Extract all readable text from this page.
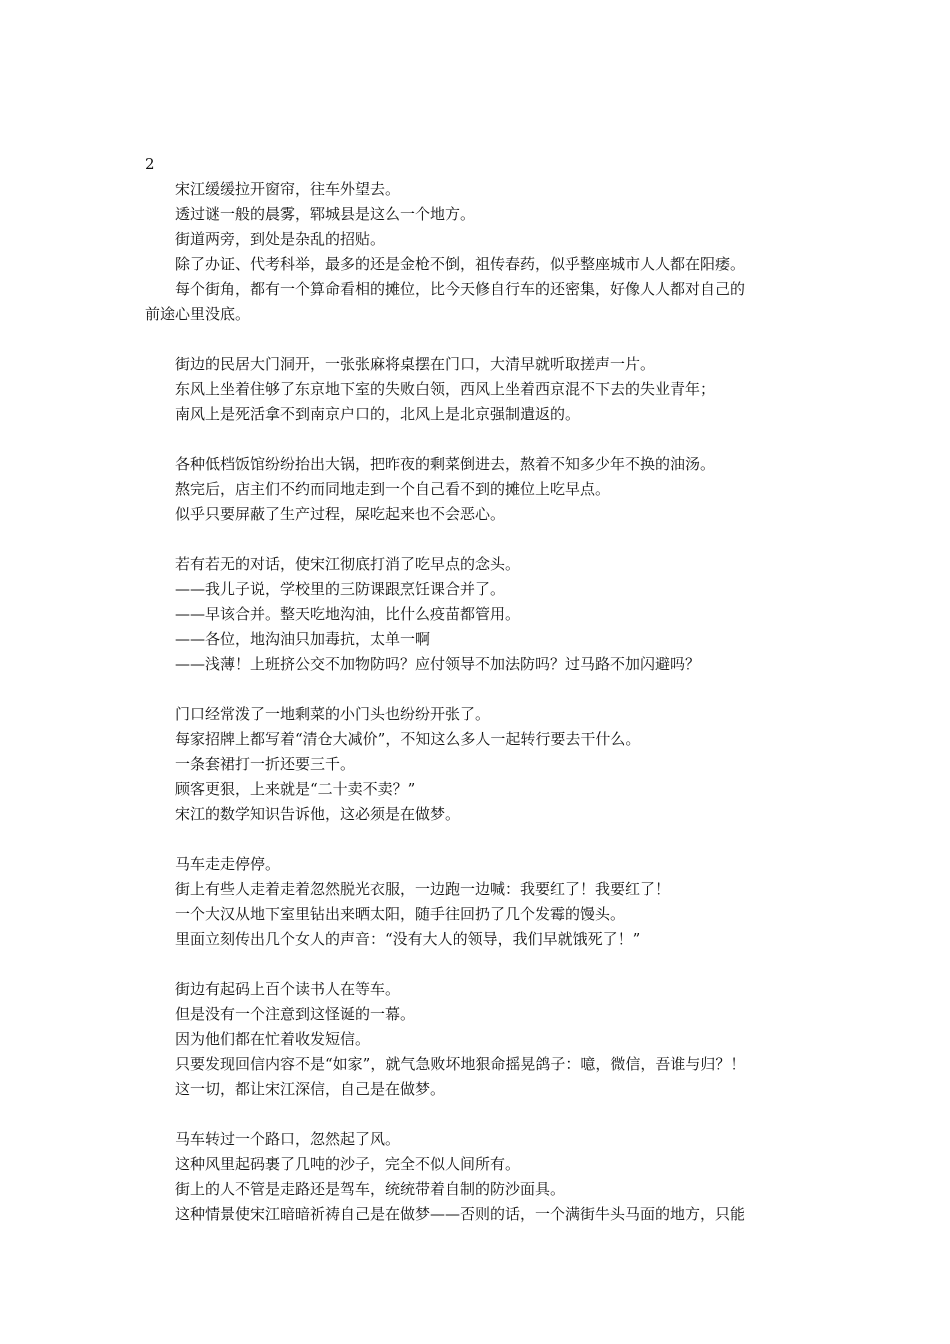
2
宋江缓缓拉开窗帘，往车外望去。
透过谜一般的晨雾，郓城县是这么一个地方。
街道两旁，到处是杂乱的招贴。
除了办证、代考科举，最多的还是金枪不倒，祖传春药，似乎整座城市人人都在阳痿。
每个街角，都有一个算命看相的摊位，比今天修自行车的还密集，好像人人都对自己的
前途心里没底。
街边的民居大门洞开，一张张麻将桌摆在门口，大清早就听取搓声一片。
东风上坐着住够了东京地下室的失败白领，西风上坐着西京混不下去的失业青年；
南风上是死活拿不到南京户口的，北风上是北京强制遣返的。
各种低档饭馆纷纷抬出大锅，把昨夜的剩菜倒进去，熬着不知多少年不换的油汤。
熬完后，店主们不约而同地走到一个自己看不到的摊位上吃早点。
似乎只要屏蔽了生产过程，屎吃起来也不会恶心。
若有若无的对话，使宋江彻底打消了吃早点的念头。
——我儿子说，学校里的三防课跟烹饪课合并了。
——早该合并。整天吃地沟油，比什么疫苗都管用。
——各位，地沟油只加毒抗，太单一啊
——浅薄！上班挤公交不加物防吗？应付领导不加法防吗？过马路不加闪避吗？
门口经常泼了一地剩菜的小门头也纷纷开张了。
每家招牌上都写着“清仓大减价”，不知这么多人一起转行要去干什么。
一条套裙打一折还要三千。
顾客更狠，上来就是“二十卖不卖？”
宋江的数学知识告诉他，这必须是在做梦。
马车走走停停。
街上有些人走着走着忽然脱光衣服，一边跑一边喊：我要红了！我要红了！
一个大汉从地下室里钻出来晒太阳，随手往回扔了几个发霉的馒头。
里面立刻传出几个女人的声音：“没有大人的领导，我们早就饿死了！”
街边有起码上百个读书人在等车。
但是没有一个注意到这怪诞的一幕。
因为他们都在忙着收发短信。
只要发现回信内容不是“如家”，就气急败坏地狠命摇晃鸽子：噫，微信，吾谁与归？！
这一切，都让宋江深信，自己是在做梦。
马车转过一个路口，忽然起了风。
这种风里起码裹了几吨的沙子，完全不似人间所有。
街上的人不管是走路还是驾车，统统带着自制的防沙面具。
这种情景使宋江暗暗祈祷自己是在做梦——否则的话，一个满街牛头马面的地方，只能
